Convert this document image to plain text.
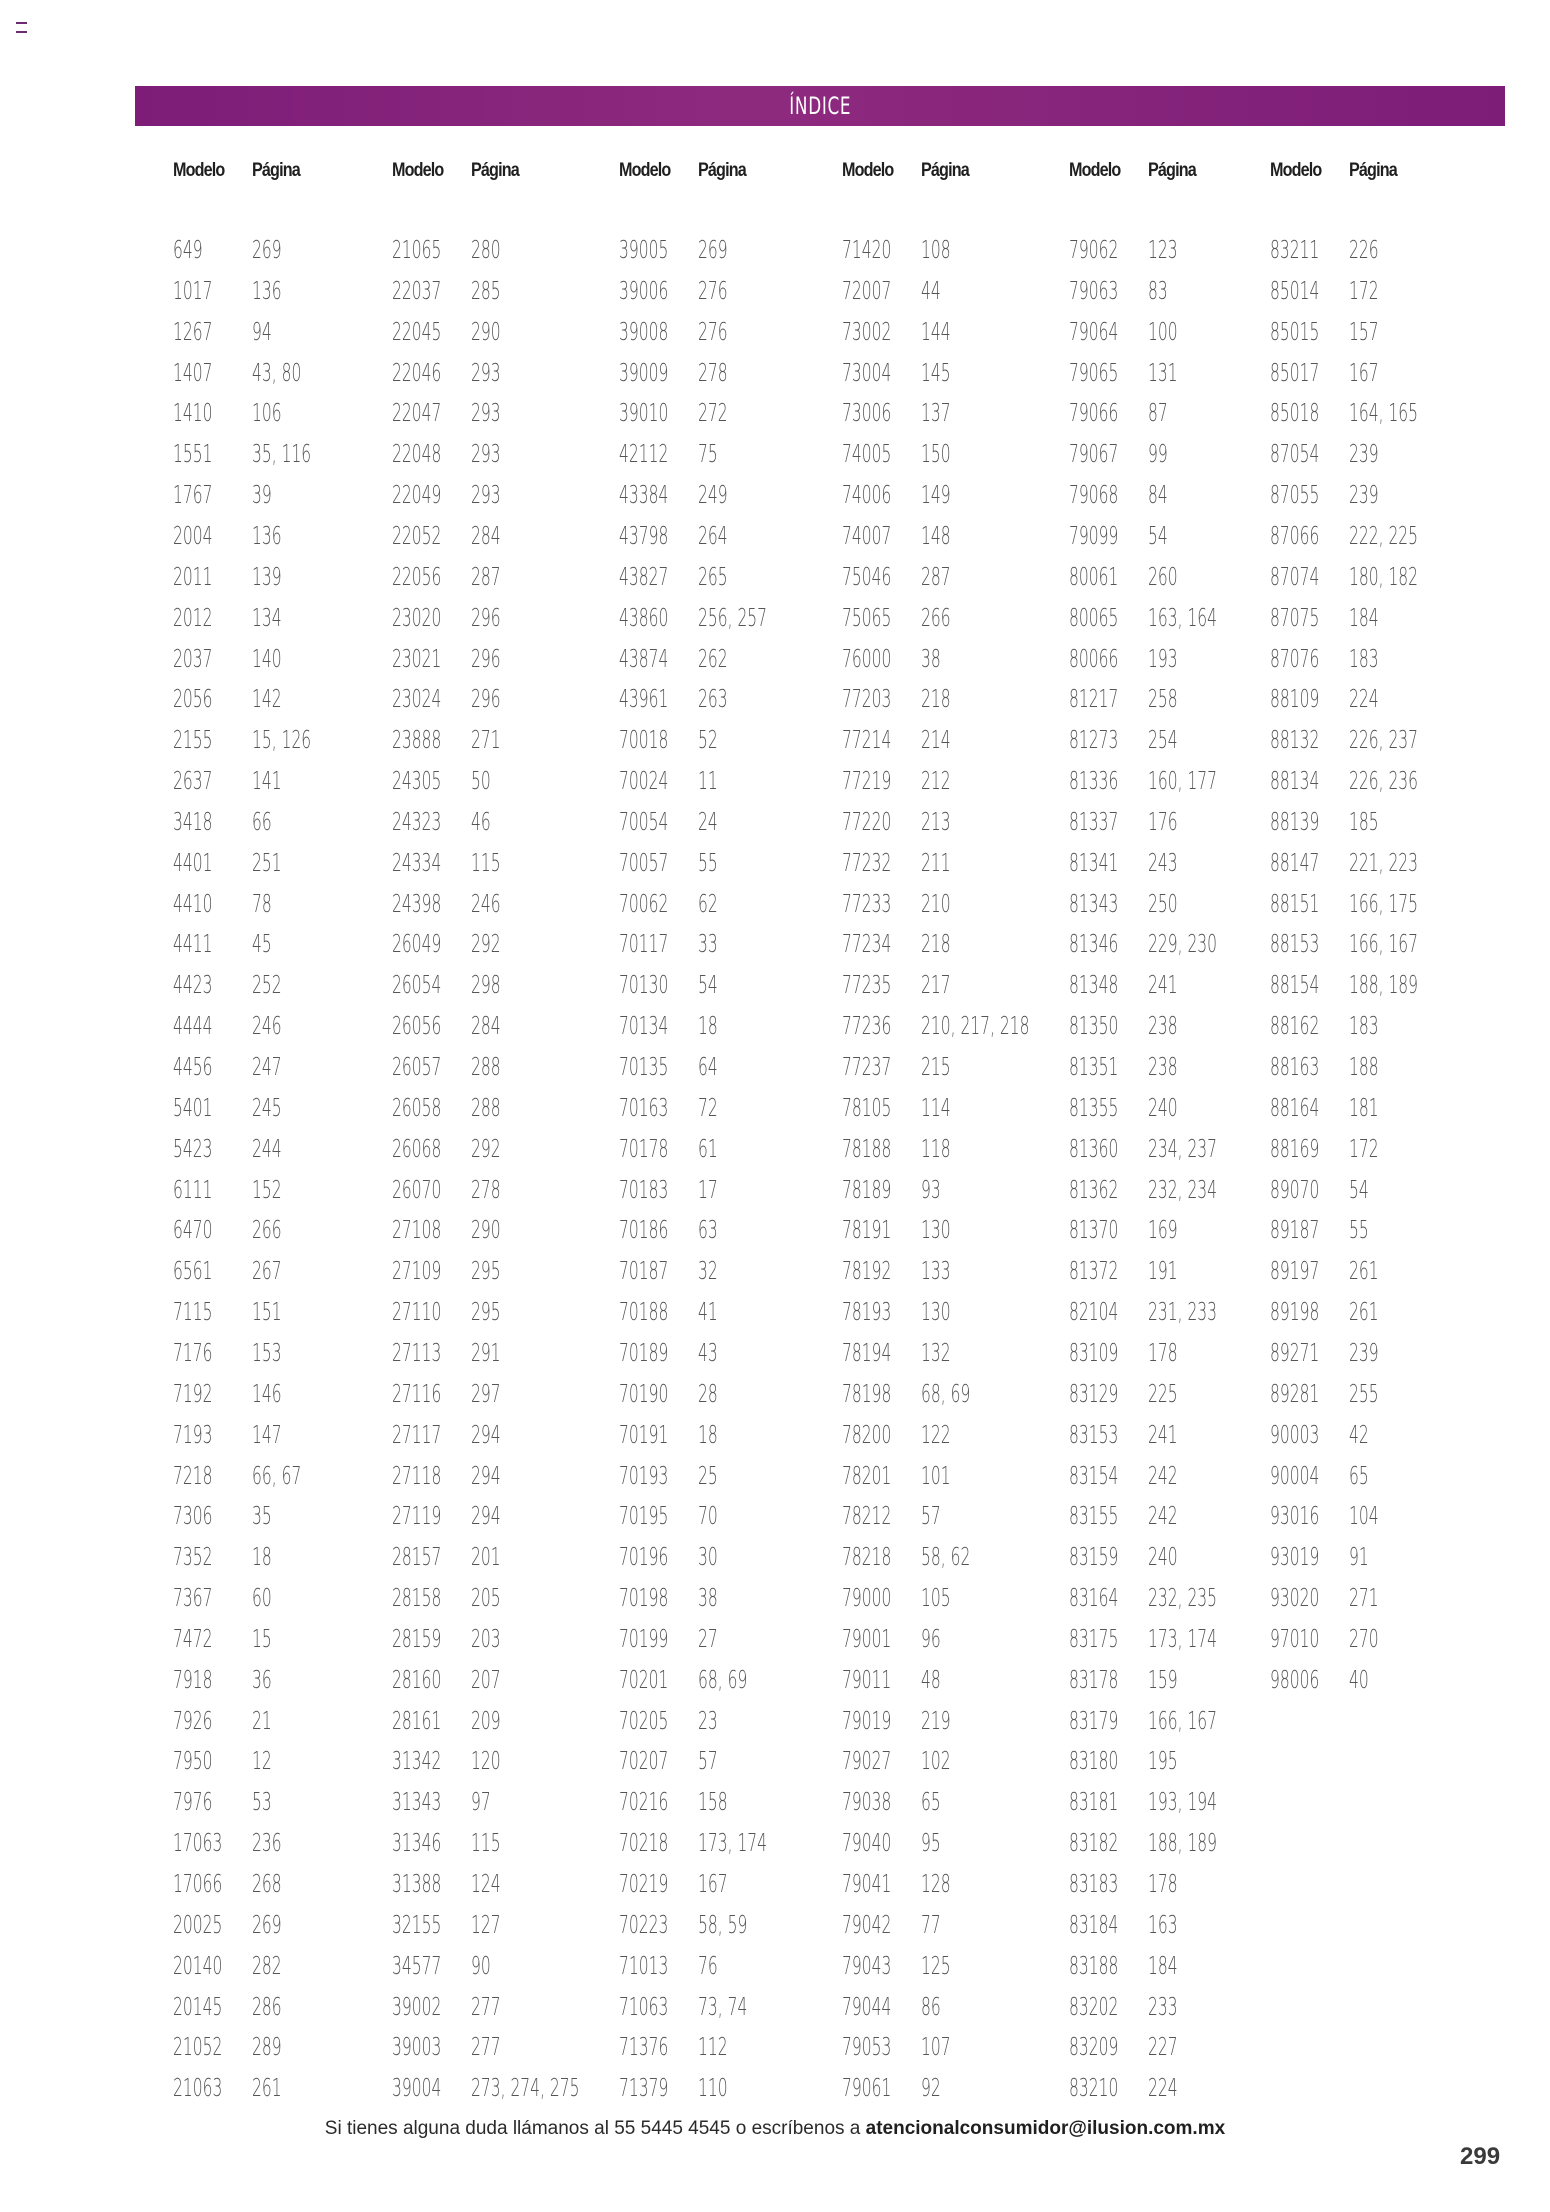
ÍNDICE
Modelo Página
649 269
1017 136
1267 94
1407 43, 80
1410 106
1551 35, 116
1767 39
2004 136
2011 139
2012 134
2037 140
2056 142
2155 15, 126
2637 141
3418 66
4401 251
4410 78
4411 45
4423 252
4444 246
4456 247
5401 245
5423 244
6111 152
6470 266
6561 267
7115 151
7176 153
7192 146
7193 147
7218 66, 67
7306 35
7352 18
7367 60
7472 15
7918 36
7926 21
7950 12
7976 53
17063 236
17066 268
20025 269
20140 282
20145 286
21052 289
21063 261
Modelo Página
21065 280
22037 285
22045 290
22046 293
22047 293
22048 293
22049 293
22052 284
22056 287
23020 296
23021 296
23024 296
23888 271
24305 50
24323 46
24334 115
24398 246
26049 292
26054 298
26056 284
26057 288
26058 288
26068 292
26070 278
27108 290
27109 295
27110 295
27113 291
27116 297
27117 294
27118 294
27119 294
28157 201
28158 205
28159 203
28160 207
28161 209
31342 120
31343 97
31346 115
31388 124
32155 127
34577 90
39002 277
39003 277
39004 273, 274, 275
Modelo Página
39005 269
39006 276
39008 276
39009 278
39010 272
42112 75
43384 249
43798 264
43827 265
43860 256, 257
43874 262
43961 263
70018 52
70024 11
70054 24
70057 55
70062 62
70117 33
70130 54
70134 18
70135 64
70163 72
70178 61
70183 17
70186 63
70187 32
70188 41
70189 43
70190 28
70191 18
70193 25
70195 70
70196 30
70198 38
70199 27
70201 68, 69
70205 23
70207 57
70216 158
70218 173, 174
70219 167
70223 58, 59
71013 76
71063 73, 74
71376 112
71379 110
Modelo Página
71420 108
72007 44
73002 144
73004 145
73006 137
74005 150
74006 149
74007 148
75046 287
75065 266
76000 38
77203 218
77214 214
77219 212
77220 213
77232 211
77233 210
77234 218
77235 217
77236 210, 217, 218
77237 215
78105 114
78188 118
78189 93
78191 130
78192 133
78193 130
78194 132
78198 68, 69
78200 122
78201 101
78212 57
78218 58, 62
79000 105
79001 96
79011 48
79019 219
79027 102
79038 65
79040 95
79041 128
79042 77
79043 125
79044 86
79053 107
79061 92
Modelo Página
79062 123
79063 83
79064 100
79065 131
79066 87
79067 99
79068 84
79099 54
80061 260
80065 163, 164
80066 193
81217 258
81273 254
81336 160, 177
81337 176
81341 243
81343 250
81346 229, 230
81348 241
81350 238
81351 238
81355 240
81360 234, 237
81362 232, 234
81370 169
81372 191
82104 231, 233
83109 178
83129 225
83153 241
83154 242
83155 242
83159 240
83164 232, 235
83175 173, 174
83178 159
83179 166, 167
83180 195
83181 193, 194
83182 188, 189
83183 178
83184 163
83188 184
83202 233
83209 227
83210 224
Modelo Página
83211 226
85014 172
85015 157
85017 167
85018 164, 165
87054 239
87055 239
87066 222, 225
87074 180, 182
87075 184
87076 183
88109 224
88132 226, 237
88134 226, 236
88139 185
88147 221, 223
88151 166, 175
88153 166, 167
88154 188, 189
88162 183
88163 188
88164 181
88169 172
89070 54
89187 55
89197 261
89198 261
89271 239
89281 255
90003 42
90004 65
93016 104
93019 91
93020 271
97010 270
98006 40
Si tienes alguna duda llámanos al 55 5445 4545 o escríbenos a atencionalconsumidor@ilusion.com.mx
299
